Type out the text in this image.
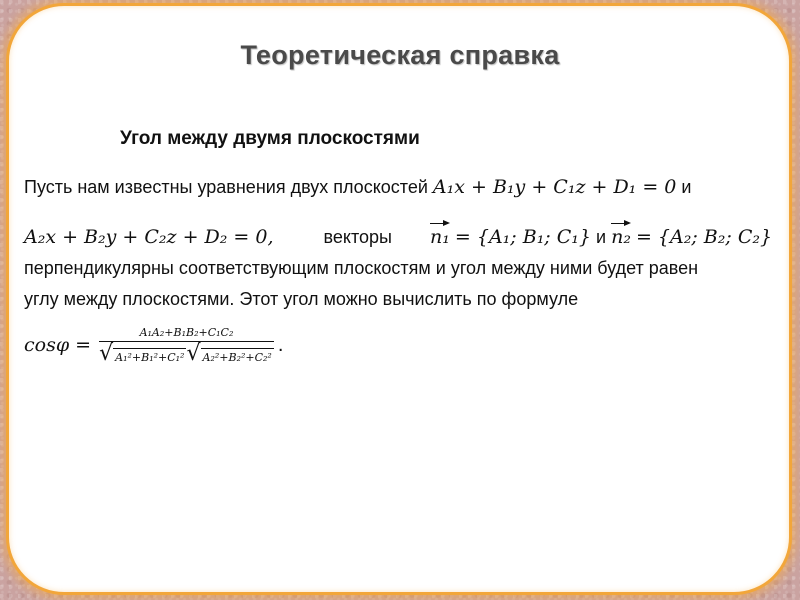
Теоретическая справка
Угол между двумя плоскостями
Пусть нам известны уравнения двух плоскостей A₁x + B₁y + C₁z + D₁ = 0 и
A₂x + B₂y + C₂z + D₂ = 0,	векторы n₁ = {A₁; B₁; C₁} и n₂ = {A₂; B₂; C₂}
перпендикулярны соответствующим плоскостям и угол между ними будет равен
углу между плоскостями. Этот угол можно вычислить по формуле
cosφ =
A₁A₂+B₁B₂+C₁C₂
√ A₁²+B₁²+C₁² √ A₂²+B₂²+C₂²
.
